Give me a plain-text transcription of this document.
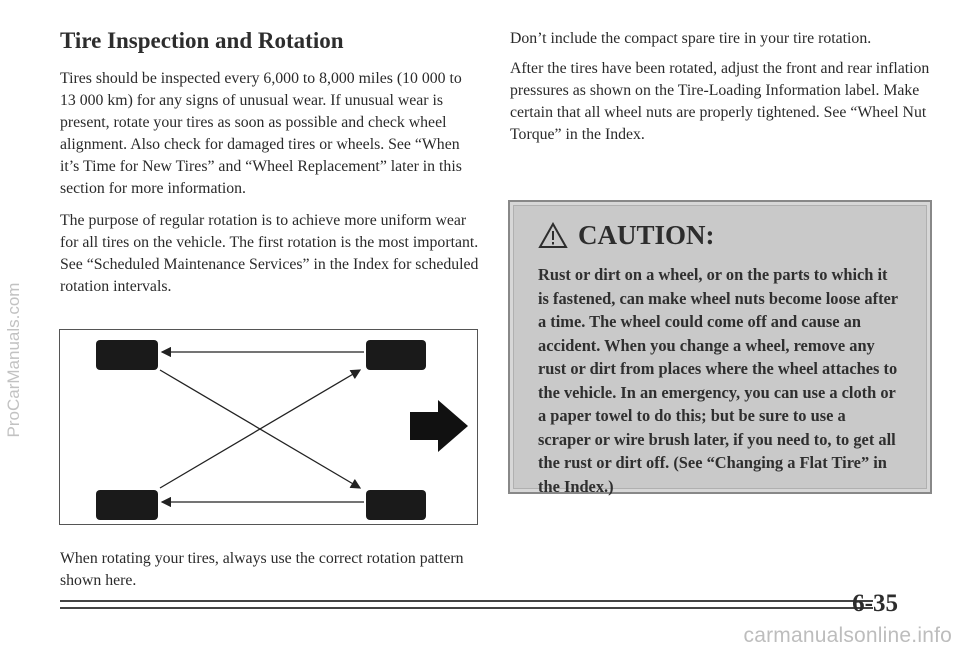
ProCarManuals.com
Tire Inspection and Rotation

Tires should be inspected every 6,000 to 8,000 miles (10 000 to 13 000 km) for any signs of unusual wear. If unusual wear is present, rotate your tires as soon as possible and check wheel alignment. Also check for damaged tires or wheels. See “When it’s Time for New Tires” and “Wheel Replacement” later in this section for more information.

The purpose of regular rotation is to achieve more uniform wear for all tires on the vehicle. The first rotation is the most important. See “Scheduled Maintenance Services” in the Index for scheduled rotation intervals.

When rotating your tires, always use the correct rotation pattern shown here.

Don’t include the compact spare tire in your tire rotation.

After the tires have been rotated, adjust the front and rear inflation pressures as shown on the Tire-Loading Information label. Make certain that all wheel nuts are properly tightened. See “Wheel Nut Torque” in the Index.

CAUTION:
Rust or dirt on a wheel, or on the parts to which it is fastened, can make wheel nuts become loose after a time. The wheel could come off and cause an accident. When you change a wheel, remove any rust or dirt from places where the wheel attaches to the vehicle. In an emergency, you can use a cloth or a paper towel to do this; but be sure to use a scraper or wire brush later, if you need to, to get all the rust or dirt off. (See “Changing a Flat Tire” in the Index.)
6-35
carmanualsonline.info
